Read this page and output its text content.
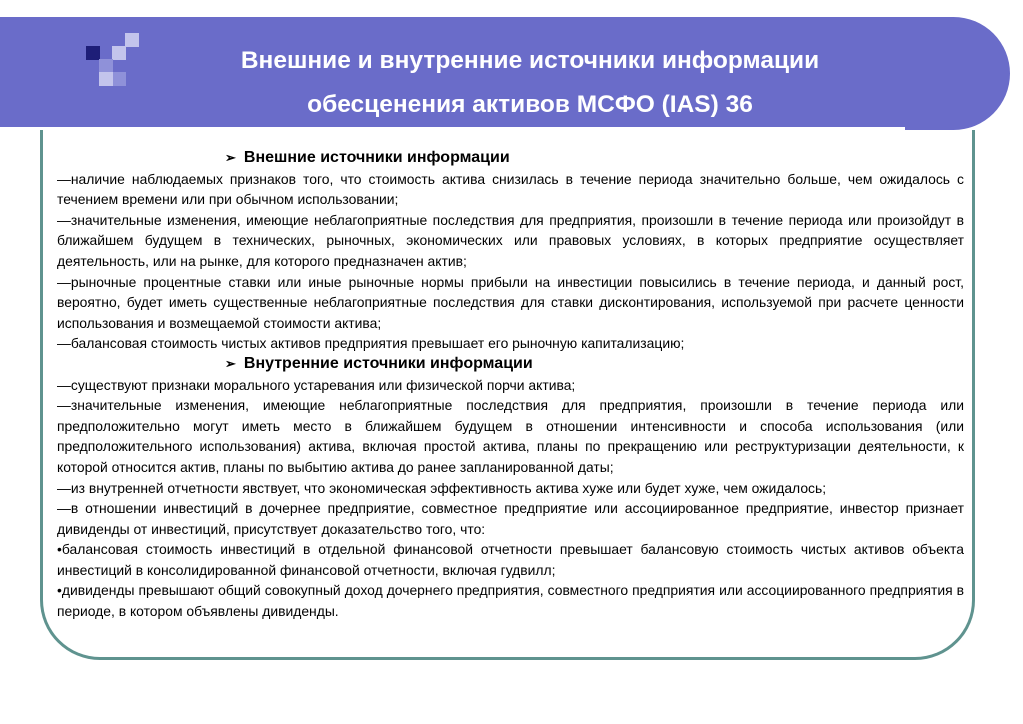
Внешние и внутренние источники информации
обесценения активов МСФО (IAS) 36
➢ Внешние источники информации

—наличие наблюдаемых признаков того, что стоимость актива снизилась в течение периода значительно больше, чем ожидалось с течением времени или при обычном использовании;

—значительные изменения, имеющие неблагоприятные последствия для предприятия, произошли в течение периода или произойдут в ближайшем будущем в технических, рыночных, экономических или правовых условиях, в которых предприятие осуществляет деятельность, или на рынке, для которого предназначен актив;

—рыночные процентные ставки или иные рыночные нормы прибыли на инвестиции повысились в течение периода, и данный рост, вероятно, будет иметь существенные неблагоприятные последствия для ставки дисконтирования, используемой при расчете ценности использования и возмещаемой стоимости актива;

—балансовая стоимость чистых активов предприятия превышает его рыночную капитализацию;

➢ Внутренние источники информации

—существуют признаки морального устаревания или физической порчи актива;

—значительные изменения, имеющие неблагоприятные последствия для предприятия, произошли в течение периода или предположительно могут иметь место в ближайшем будущем в отношении интенсивности и способа использования (или предположительного использования) актива, включая простой актива, планы по прекращению или реструктуризации деятельности, к которой относится актив, планы по выбытию актива до ранее запланированной даты;

—из внутренней отчетности явствует, что экономическая эффективность актива хуже или будет хуже, чем ожидалось;

—в отношении инвестиций в дочернее предприятие, совместное предприятие или ассоциированное предприятие, инвестор признает дивиденды от инвестиций, присутствует доказательство того, что:

•балансовая стоимость инвестиций в отдельной финансовой отчетности превышает балансовую стоимость чистых активов объекта инвестиций в консолидированной финансовой отчетности, включая гудвилл;

•дивиденды превышают общий совокупный доход дочернего предприятия, совместного предприятия или ассоциированного предприятия в периоде, в котором объявлены дивиденды.
